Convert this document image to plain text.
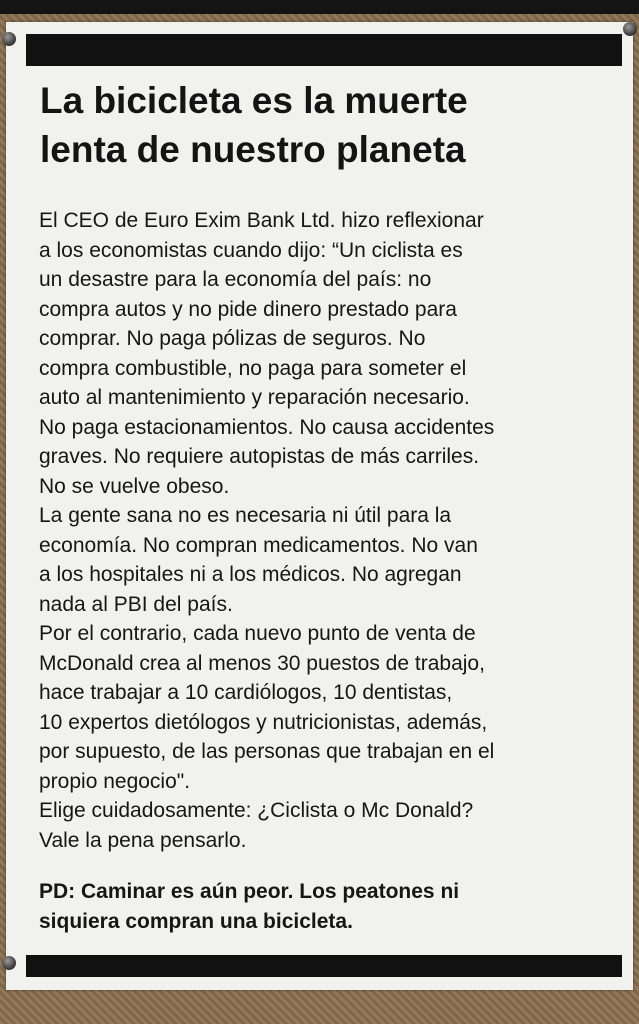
La bicicleta es la muerte
lenta de nuestro planeta
El CEO de Euro Exim Bank Ltd. hizo reflexionar
a los economistas cuando dijo: “Un ciclista es
un desastre para la economía del país: no
compra autos y no pide dinero prestado para
comprar. No paga pólizas de seguros. No
compra combustible, no paga para someter el
auto al mantenimiento y reparación necesario.
No paga estacionamientos. No causa accidentes
graves. No requiere autopistas de más carriles.
No se vuelve obeso.
La gente sana no es necesaria ni útil para la
economía. No compran medicamentos. No van
a los hospitales ni a los médicos. No agregan
nada al PBI del país.
Por el contrario, cada nuevo punto de venta de
McDonald crea al menos 30 puestos de trabajo,
hace trabajar a 10 cardiólogos, 10 dentistas,
10 expertos dietólogos y nutricionistas, además,
por supuesto, de las personas que trabajan en el
propio negocio".
Elige cuidadosamente: ¿Ciclista o Mc Donald?
Vale la pena pensarlo.
PD: Caminar es aún peor. Los peatones ni
siquiera compran una bicicleta.
